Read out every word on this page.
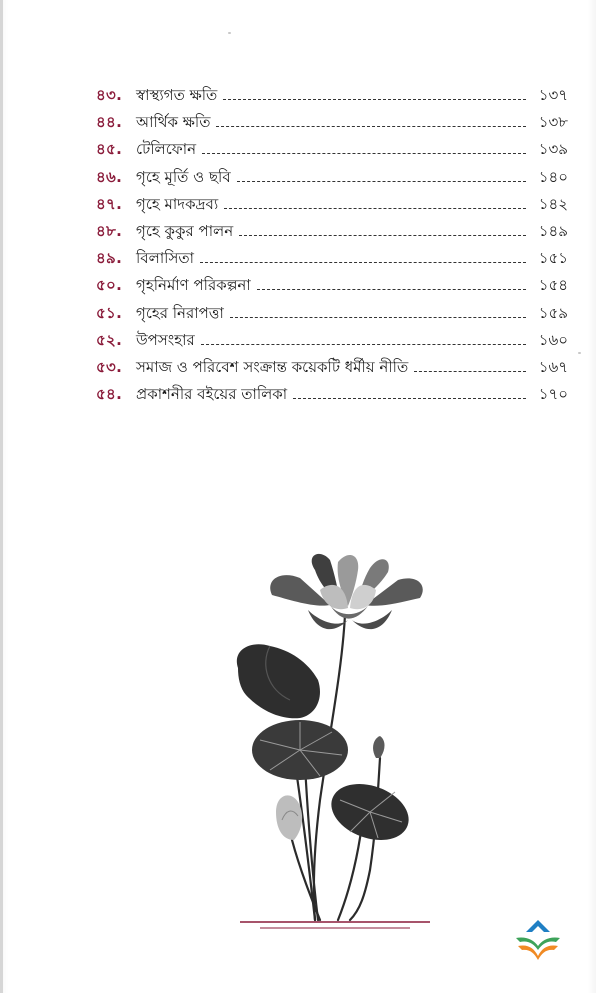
৪৩. স্বাস্থ্যগত ক্ষতি	১৩৭
৪৪. আর্থিক ক্ষতি	১৩৮
৪৫. টেলিফোন	১৩৯
৪৬. গৃহে মূর্তি ও ছবি	১৪০
৪৭. গৃহে মাদকদ্রব্য	১৪২
৪৮. গৃহে কুকুর পালন	১৪৯
৪৯. বিলাসিতা	১৫১
৫০. গৃহনির্মাণ পরিকল্পনা	১৫৪
৫১. গৃহের নিরাপত্তা	১৫৯
৫২. উপসংহার	১৬০
৫৩. সমাজ ও পরিবেশ সংক্রান্ত কয়েকটি ধর্মীয় নীতি	১৬৭
৫৪. প্রকাশনীর বইয়ের তালিকা	১৭০
